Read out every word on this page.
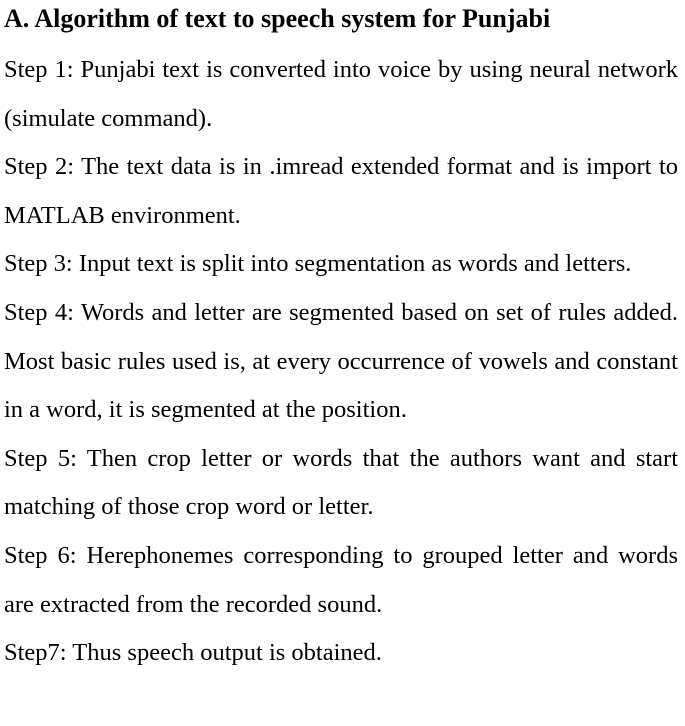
A. Algorithm of text to speech system for Punjabi

Step 1: Punjabi text is converted into voice by using neural network (simulate command).

Step 2: The text data is in .imread extended format and is import to MATLAB environment.

Step 3: Input text is split into segmentation as words and letters.

Step 4: Words and letter are segmented based on set of rules added. Most basic rules used is, at every occurrence of vowels and constant in a word, it is segmented at the position.

Step 5: Then crop letter or words that the authors want and start matching of those crop word or letter.

Step 6: Herephonemes corresponding to grouped letter and words are extracted from the recorded sound.

Step7: Thus speech output is obtained.
